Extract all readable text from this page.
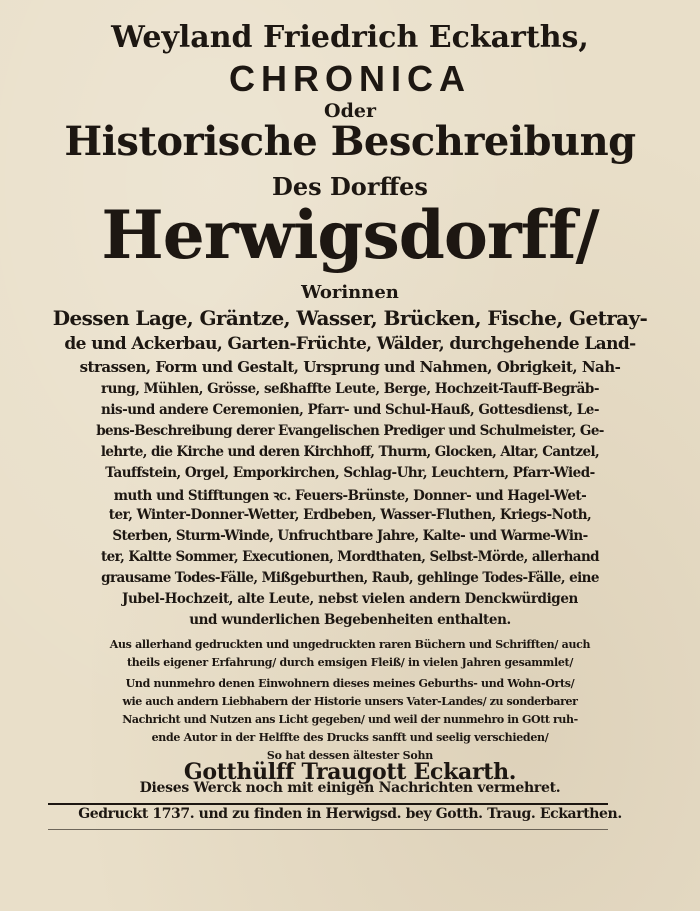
Weyland Friedrich Eckarths,
CHRONICA
Oder
Historische Beschreibung
Des Dorffes
Herwigsdorff/
Worinnen
Dessen Lage, Gräntze, Wasser, Brücken, Fische, Getray-
de und Ackerbau, Garten-Früchte, Wälder, durchgehende Land-
strassen, Form und Gestalt, Ursprung und Nahmen, Obrigkeit, Nah-
rung, Mühlen, Grösse, seßhaffte Leute, Berge, Hochzeit-Tauff-Begräb-
nis-und andere Ceremonien, Pfarr- und Schul-Hauß, Gottesdienst, Le-
bens-Beschreibung derer Evangelischen Prediger und Schulmeister, Ge-
lehrte, die Kirche und deren Kirchhoff, Thurm, Glocken, Altar, Cantzel,
Tauffstein, Orgel, Emporkirchen, Schlag-Uhr, Leuchtern, Pfarr-Wied-
muth und Stifftungen ꝛc. Feuers-Brünste, Donner- und Hagel-Wet-
ter, Winter-Donner-Wetter, Erdbeben, Wasser-Fluthen, Kriegs-Noth,
Sterben, Sturm-Winde, Unfruchtbare Jahre, Kalte- und Warme-Win-
ter, Kaltte Sommer, Executionen, Mordthaten, Selbst-Mörde, allerhand
grausame Todes-Fälle, Mißgeburthen, Raub, gehlinge Todes-Fälle, eine
Jubel-Hochzeit, alte Leute, nebst vielen andern Denckwürdigen
und wunderlichen Begebenheiten enthalten.
Aus allerhand gedruckten und ungedruckten raren Büchern und Schrifften/ auch
theils eigener Erfahrung/ durch emsigen Fleiß/ in vielen Jahren gesammlet/
Und nunmehro denen Einwohnern dieses meines Geburths- und Wohn-Orts/
wie auch andern Liebhabern der Historie unsers Vater-Landes/ zu sonderbarer
Nachricht und Nutzen ans Licht gegeben/ und weil der nunmehro in GOtt ruh-
ende Autor in der Helffte des Drucks sanfft und seelig verschieden/
So hat dessen ältester Sohn
Gotthülff Traugott Eckarth.
Dieses Werck noch mit einigen Nachrichten vermehret.
Gedruckt 1737. und zu finden in Herwigsd. bey Gotth. Traug. Eckarthen.
